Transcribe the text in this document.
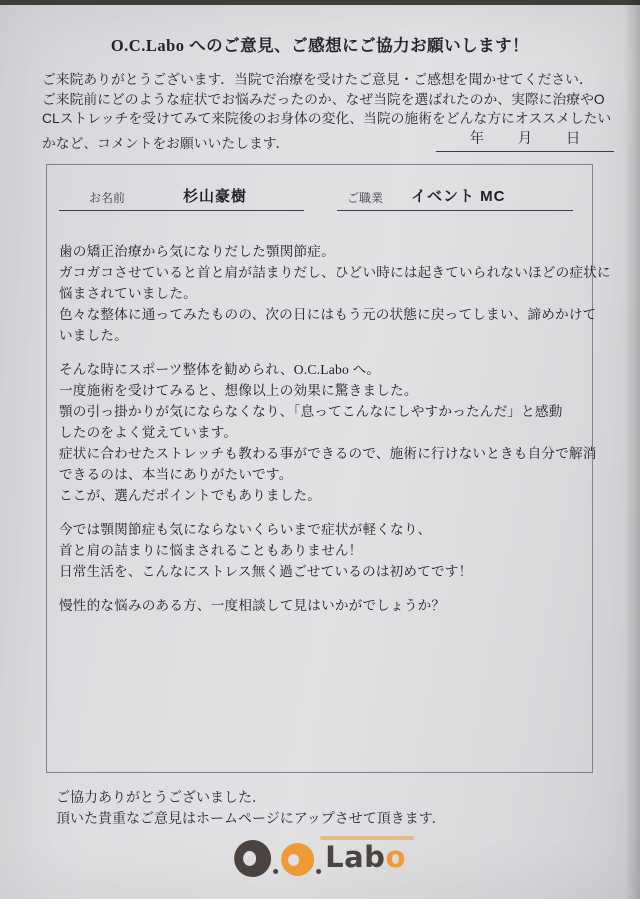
O.C.Labo へのご意見、ご感想にご協力お願いします！
ご来院ありがとうございます．当院で治療を受けたご意見・ご感想を聞かせてください．
ご来院前にどのような症状でお悩みだったのか、なぜ当院を選ばれたのか、実際に治療やO
CLストレッチを受けてみて来院後のお身体の変化、当院の施術をどんな方にオススメしたい
かなど、コメントをお願いいたします．	年 月 日
お名前	杉山豪樹	ご職業 イベント MC
歯の矯正治療から気になりだした顎関節症。
ガコガコさせていると首と肩が詰まりだし、ひどい時には起きていられないほどの症状に
悩まされていました。
色々な整体に通ってみたものの、次の日にはもう元の状態に戻ってしまい、諦めかけて
いました。

そんな時にスポーツ整体を勧められ、O.C.Labo へ。
一度施術を受けてみると、想像以上の効果に驚きました。
顎の引っ掛かりが気にならなくなり、「息ってこんなにしやすかったんだ」と感動
したのをよく覚えています。
症状に合わせたストレッチも教わる事ができるので、施術に行けないときも自分で解消
できるのは、本当にありがたいです。
ここが、選んだポイントでもありました。

今では顎関節症も気にならないくらいまで症状が軽くなり、
首と肩の詰まりに悩まされることもありません！
日常生活を、こんなにストレス無く過ごせているのは初めてです！

慢性的な悩みのある方、一度相談して見はいかがでしょうか？
ご協力ありがとうございました．
頂いた貴重なご意見はホームページにアップさせて頂きます．
Labo
